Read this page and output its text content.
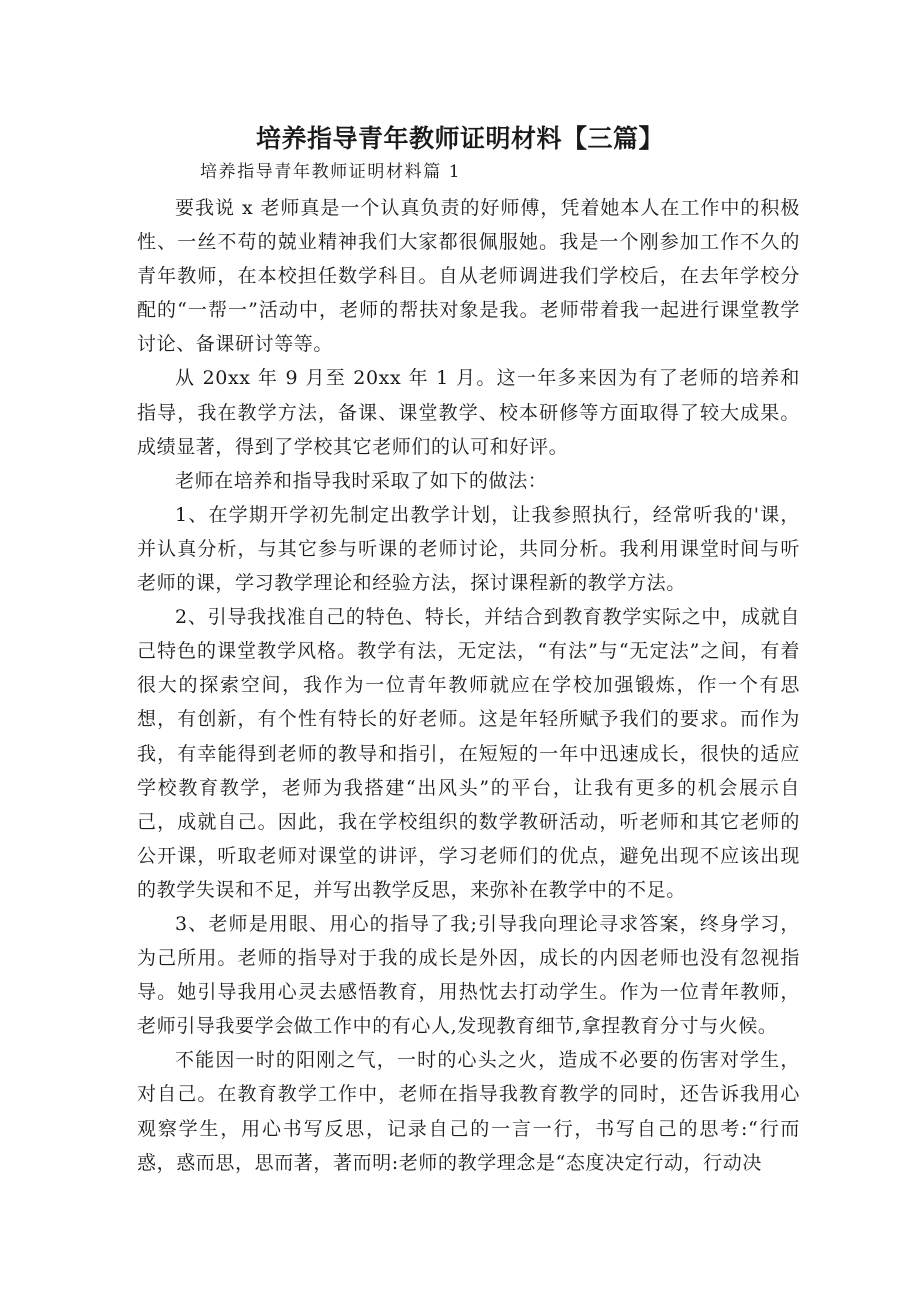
培养指导青年教师证明材料【三篇】
培养指导青年教师证明材料篇 1

要我说 x 老师真是一个认真负责的好师傅，凭着她本人在工作中的积极性、一丝不苟的兢业精神我们大家都很佩服她。我是一个刚参加工作不久的青年教师，在本校担任数学科目。自从老师调进我们学校后，在去年学校分配的“一帮一”活动中，老师的帮扶对象是我。老师带着我一起进行课堂教学讨论、备课研讨等等。

从 20xx 年 9 月至 20xx 年 1 月。这一年多来因为有了老师的培养和指导，我在教学方法，备课、课堂教学、校本研修等方面取得了较大成果。成绩显著，得到了学校其它老师们的认可和好评。

老师在培养和指导我时采取了如下的做法：

1、在学期开学初先制定出教学计划，让我参照执行，经常听我的'课，并认真分析，与其它参与听课的老师讨论，共同分析。我利用课堂时间与听老师的课，学习教学理论和经验方法，探讨课程新的教学方法。

2、引导我找准自己的特色、特长，并结合到教育教学实际之中，成就自己特色的课堂教学风格。教学有法，无定法，“有法”与“无定法”之间，有着很大的探索空间，我作为一位青年教师就应在学校加强锻炼，作一个有思想，有创新，有个性有特长的好老师。这是年轻所赋予我们的要求。而作为我，有幸能得到老师的教导和指引，在短短的一年中迅速成长，很快的适应学校教育教学，老师为我搭建“出风头”的平台，让我有更多的机会展示自己，成就自己。因此，我在学校组织的数学教研活动，听老师和其它老师的公开课，听取老师对课堂的讲评，学习老师们的优点，避免出现不应该出现的教学失误和不足，并写出教学反思，来弥补在教学中的不足。

3、老师是用眼、用心的指导了我;引导我向理论寻求答案，终身学习，为己所用。老师的指导对于我的成长是外因，成长的内因老师也没有忽视指导。她引导我用心灵去感悟教育，用热忱去打动学生。作为一位青年教师，老师引导我要学会做工作中的有心人,发现教育细节,拿捏教育分寸与火候。

不能因一时的阳刚之气，一时的心头之火，造成不必要的伤害对学生，对自己。在教育教学工作中，老师在指导我教育教学的同时，还告诉我用心观察学生，用心书写反思，记录自己的一言一行，书写自己的思考:“行而惑，惑而思，思而著，著而明:老师的教学理念是“态度决定行动，行动决
